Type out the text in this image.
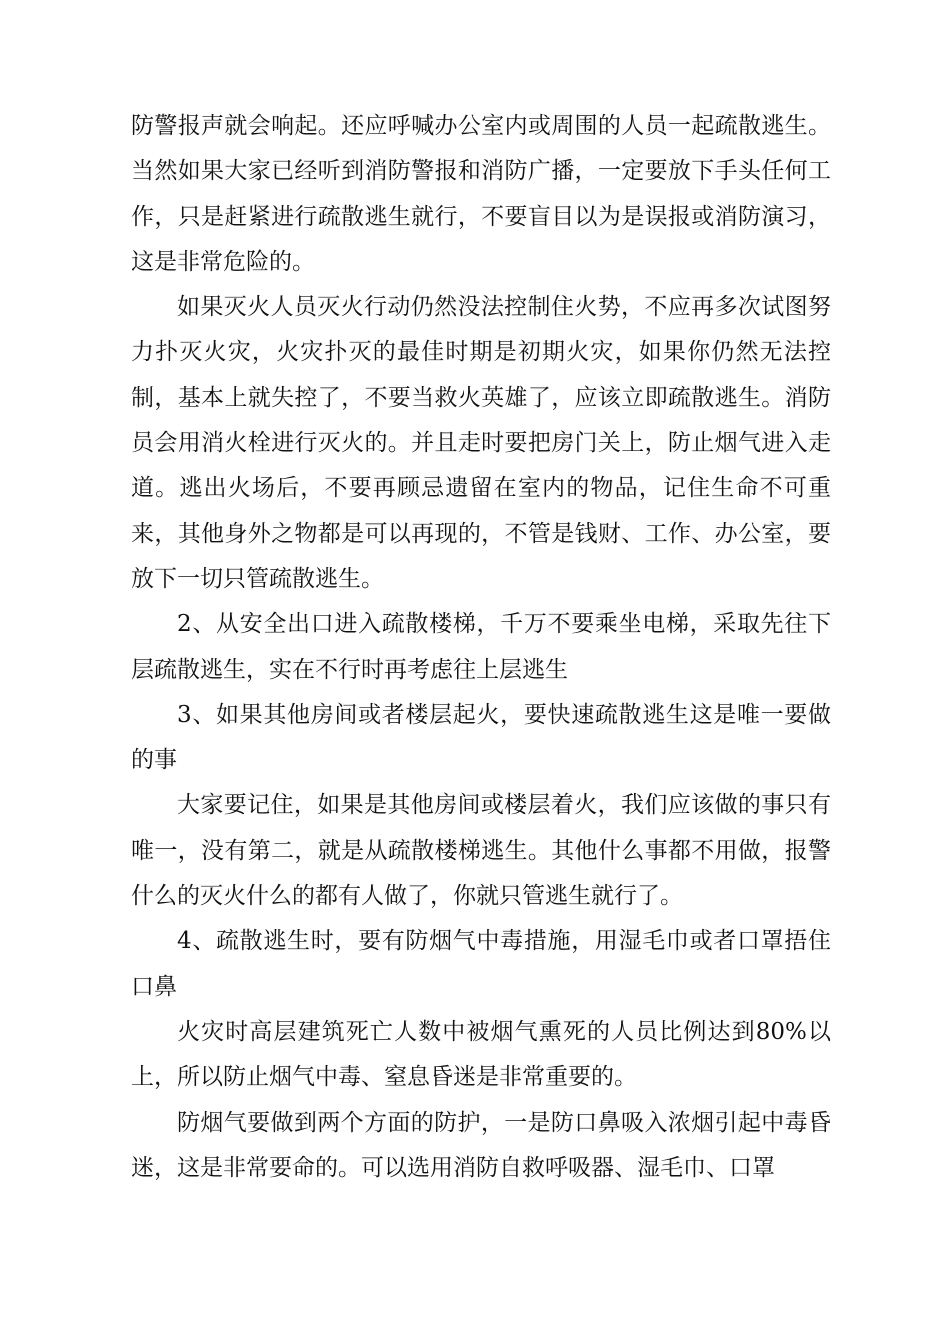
防警报声就会响起。还应呼喊办公室内或周围的人员一起疏散逃生。当然如果大家已经听到消防警报和消防广播，一定要放下手头任何工作，只是赶紧进行疏散逃生就行，不要盲目以为是误报或消防演习，这是非常危险的。

如果灭火人员灭火行动仍然没法控制住火势，不应再多次试图努力扑灭火灾，火灾扑灭的最佳时期是初期火灾，如果你仍然无法控制，基本上就失控了，不要当救火英雄了，应该立即疏散逃生。消防员会用消火栓进行灭火的。并且走时要把房门关上，防止烟气进入走道。逃出火场后，不要再顾忌遗留在室内的物品，记住生命不可重来，其他身外之物都是可以再现的，不管是钱财、工作、办公室，要放下一切只管疏散逃生。

2、从安全出口进入疏散楼梯，千万不要乘坐电梯，采取先往下层疏散逃生，实在不行时再考虑往上层逃生

3、如果其他房间或者楼层起火，要快速疏散逃生这是唯一要做的事

大家要记住，如果是其他房间或楼层着火，我们应该做的事只有唯一，没有第二，就是从疏散楼梯逃生。其他什么事都不用做，报警什么的灭火什么的都有人做了，你就只管逃生就行了。

4、疏散逃生时，要有防烟气中毒措施，用湿毛巾或者口罩捂住口鼻

火灾时高层建筑死亡人数中被烟气熏死的人员比例达到80%以上，所以防止烟气中毒、窒息昏迷是非常重要的。

防烟气要做到两个方面的防护，一是防口鼻吸入浓烟引起中毒昏迷，这是非常要命的。可以选用消防自救呼吸器、湿毛巾、口罩
